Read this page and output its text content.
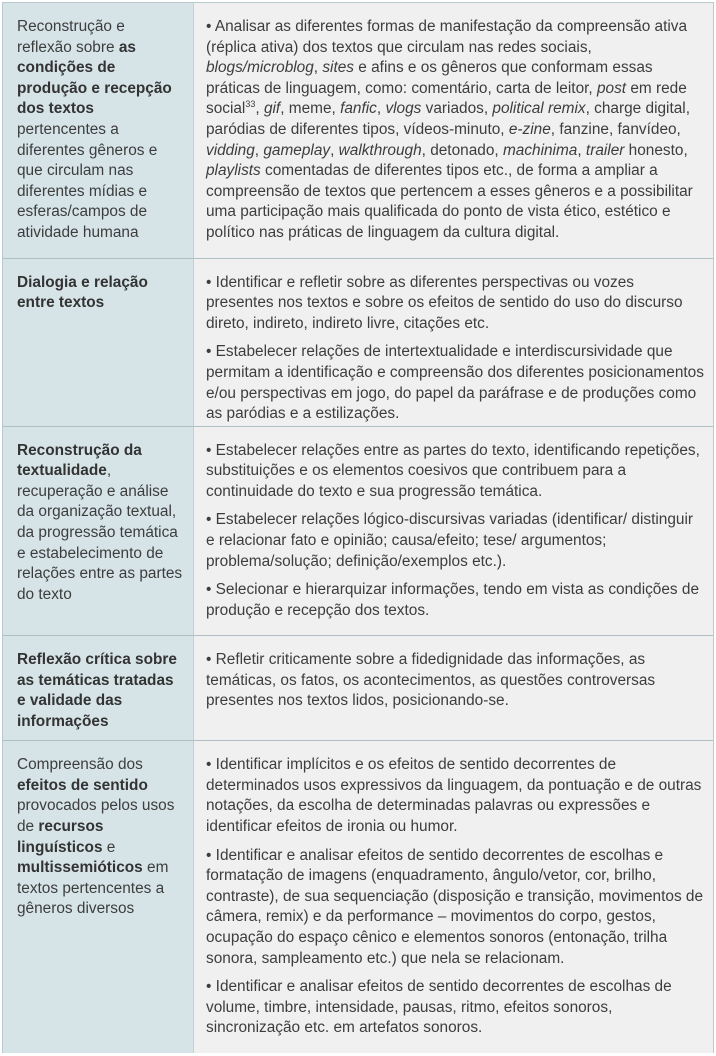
Reconstrução e reflexão sobre as condições de produção e recepção dos textos pertencentes a diferentes gêneros e que circulam nas diferentes mídias e esferas/campos de atividade humana
• Analisar as diferentes formas de manifestação da compreensão ativa (réplica ativa) dos textos que circulam nas redes sociais, blogs/microblog, sites e afins e os gêneros que conformam essas práticas de linguagem, como: comentário, carta de leitor, post em rede social$^{33}$, gif, meme, fanfic, vlogs variados, political remix, charge digital, paródias de diferentes tipos, vídeos-minuto, e-zine, fanzine, fanvídeo, vidding, gameplay, walkthrough, detonado, machinima, trailer honesto, playlists comentadas de diferentes tipos etc., de forma a ampliar a compreensão de textos que pertencem a esses gêneros e a possibilitar uma participação mais qualificada do ponto de vista ético, estético e político nas práticas de linguagem da cultura digital.
Dialogia e relação entre textos
• Identificar e refletir sobre as diferentes perspectivas ou vozes presentes nos textos e sobre os efeitos de sentido do uso do discurso direto, indireto, indireto livre, citações etc.
• Estabelecer relações de intertextualidade e interdiscursividade que permitam a identificação e compreensão dos diferentes posicionamentos e/ou perspectivas em jogo, do papel da paráfrase e de produções como as paródias e a estilizações.
Reconstrução da textualidade, recuperação e análise da organização textual, da progressão temática e estabelecimento de relações entre as partes do texto
• Estabelecer relações entre as partes do texto, identificando repetições, substituições e os elementos coesivos que contribuem para a continuidade do texto e sua progressão temática.
• Estabelecer relações lógico-discursivas variadas (identificar/ distinguir e relacionar fato e opinião; causa/efeito; tese/ argumentos; problema/solução; definição/exemplos etc.).
• Selecionar e hierarquizar informações, tendo em vista as condições de produção e recepção dos textos.
Reflexão crítica sobre as temáticas tratadas e validade das informações
• Refletir criticamente sobre a fidedignidade das informações, as temáticas, os fatos, os acontecimentos, as questões controversas presentes nos textos lidos, posicionando-se.
Compreensão dos efeitos de sentido provocados pelos usos de recursos linguísticos e multissemióticos em textos pertencentes a gêneros diversos
• Identificar implícitos e os efeitos de sentido decorrentes de determinados usos expressivos da linguagem, da pontuação e de outras notações, da escolha de determinadas palavras ou expressões e identificar efeitos de ironia ou humor.
• Identificar e analisar efeitos de sentido decorrentes de escolhas e formatação de imagens (enquadramento, ângulo/vetor, cor, brilho, contraste), de sua sequenciação (disposição e transição, movimentos de câmera, remix) e da performance – movimentos do corpo, gestos, ocupação do espaço cênico e elementos sonoros (entonação, trilha sonora, sampleamento etc.) que nela se relacionam.
• Identificar e analisar efeitos de sentido decorrentes de escolhas de volume, timbre, intensidade, pausas, ritmo, efeitos sonoros, sincronização etc. em artefatos sonoros.
